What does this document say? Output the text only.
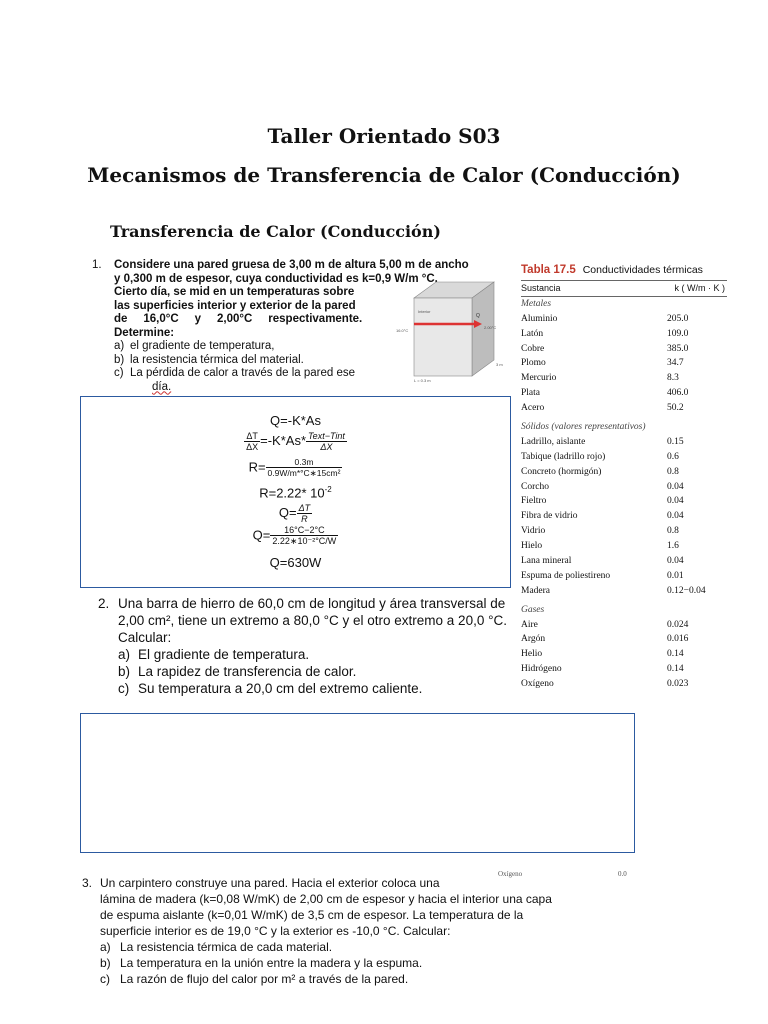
Taller Orientado S03
Mecanismos de Transferencia de Calor (Conducción)
Transferencia de Calor (Conducción)
1.	Considere una pared gruesa de 3,00 m de altura 5,00 m de ancho
y 0,300 m de espesor, cuya conductividad es k=0,9 W/m °C.
Cierto día, se mid en un temperaturas sobre
las superficies interior y exterior de la pared
de     16,0°C     y     2,00°C     respectivamente.
Determine:
a) el gradiente de temperatura,
b) la resistencia térmica del material.
c) La pérdida de calor a través de la pared ese
día.
Interior
16.0°C
Q
2.00°C
3 m
L = 0.3 m
Q=-K*As
$\frac{\Delta T}{\Delta X} =-K*As* \frac{\text{Text−Tint}}{\Delta X}$
$R= \frac{0.3m}{\text{0.9W/m*°C∗15cm²}}$
R=2.22* $10^{-2}$
$Q= \frac{\Delta T}{R}$
$Q= \frac{16^\circ C-2^\circ C}{\text{2.22∗10⁻²°C/W}}$
Q=630W
2. Una barra de hierro de 60,0 cm de longitud y área transversal de
2,00 cm², tiene un extremo a 80,0 °C y el otro extremo a 20,0 °C.
Calcular:
a) El gradiente de temperatura.
b) La rapidez de transferencia de calor.
c) Su temperatura a 20,0 cm del extremo caliente.
Oxígeno	0.0
3. Un carpintero construye una pared. Hacia el exterior coloca una
lámina de madera (k=0,08 W/mK) de 2,00 cm de espesor y hacia el interior una capa
de espuma aislante (k=0,01 W/mK) de 3,5 cm de espesor. La temperatura de la
superficie interior es de 19,0 °C y la exterior es -10,0 °C. Calcular:
a) La resistencia térmica de cada material.
b) La temperatura en la unión entre la madera y la espuma.
c) La razón de flujo del calor por m² a través de la pared.
Tabla 17.5 Conductividades térmicas
Sustancia	k ( W/m · K )
Metales
Aluminio	205.0
Latón	109.0
Cobre	385.0
Plomo	34.7
Mercurio	8.3
Plata	406.0
Acero	50.2
Sólidos (valores representativos)
Ladrillo, aislante	0.15
Tabique (ladrillo rojo)	0.6
Concreto (hormigón)	0.8
Corcho	0.04
Fieltro	0.04
Fibra de vidrio	0.04
Vidrio	0.8
Hielo	1.6
Lana mineral	0.04
Espuma de poliestireno	0.01
Madera	0.12−0.04
Gases
Aire	0.024
Argón	0.016
Helio	0.14
Hidrógeno	0.14
Oxígeno	0.023
